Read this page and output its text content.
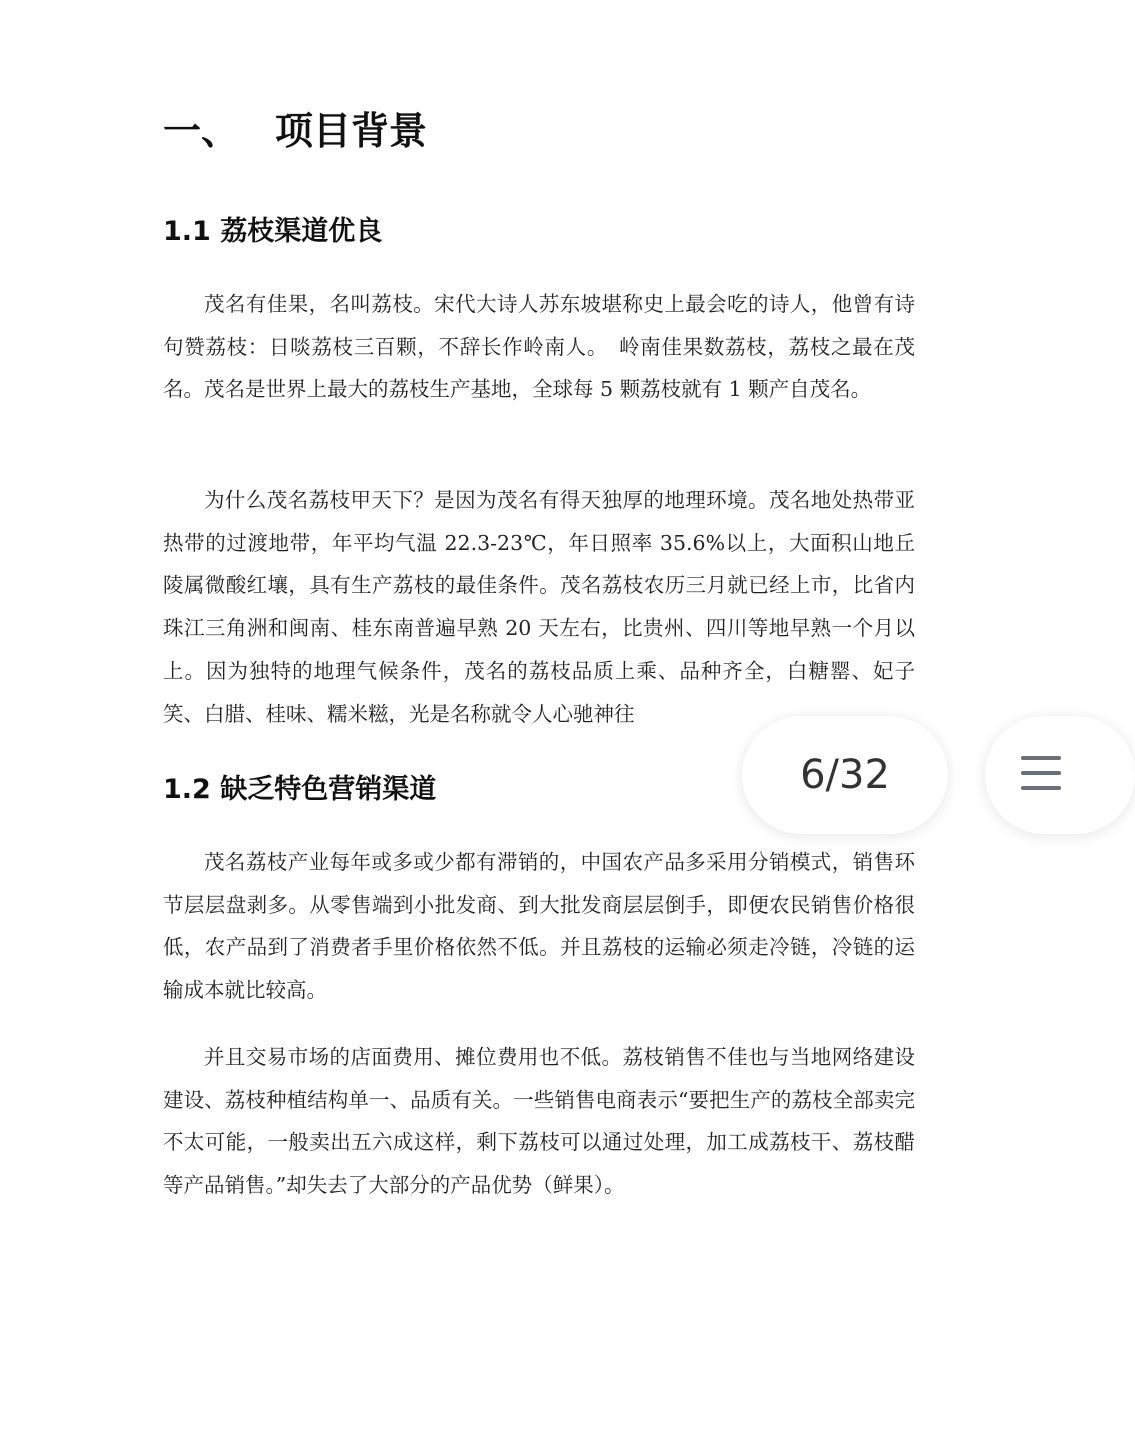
一、 项目背景
1.1 荔枝渠道优良

茂名有佳果，名叫荔枝。宋代大诗人苏东坡堪称史上最会吃的诗人，他曾有诗句赞荔枝：日啖荔枝三百颗，不辞长作岭南人。　岭南佳果数荔枝，荔枝之最在茂名。茂名是世界上最大的荔枝生产基地，全球每 5 颗荔枝就有 1 颗产自茂名。

为什么茂名荔枝甲天下？是因为茂名有得天独厚的地理环境。茂名地处热带亚热带的过渡地带，年平均气温 22.3-23℃，年日照率 35.6%以上，大面积山地丘陵属微酸红壤，具有生产荔枝的最佳条件。茂名荔枝农历三月就已经上市，比省内珠江三角洲和闽南、桂东南普遍早熟 20 天左右，比贵州、四川等地早熟一个月以上。因为独特的地理气候条件，茂名的荔枝品质上乘、品种齐全，白糖罂、妃子笑、白腊、桂味、糯米糍，光是名称就令人心驰神往

1.2 缺乏特色营销渠道

茂名荔枝产业每年或多或少都有滞销的，中国农产品多采用分销模式，销售环节层层盘剥多。从零售端到小批发商、到大批发商层层倒手，即便农民销售价格很低，农产品到了消费者手里价格依然不低。并且荔枝的运输必须走冷链，冷链的运输成本就比较高。

并且交易市场的店面费用、摊位费用也不低。荔枝销售不佳也与当地网络建设建设、荔枝种植结构单一、品质有关。一些销售电商表示“要把生产的荔枝全部卖完不太可能，一般卖出五六成这样，剩下荔枝可以通过处理，加工成荔枝干、荔枝醋等产品销售。”却失去了大部分的产品优势（鲜果）。

6/32
